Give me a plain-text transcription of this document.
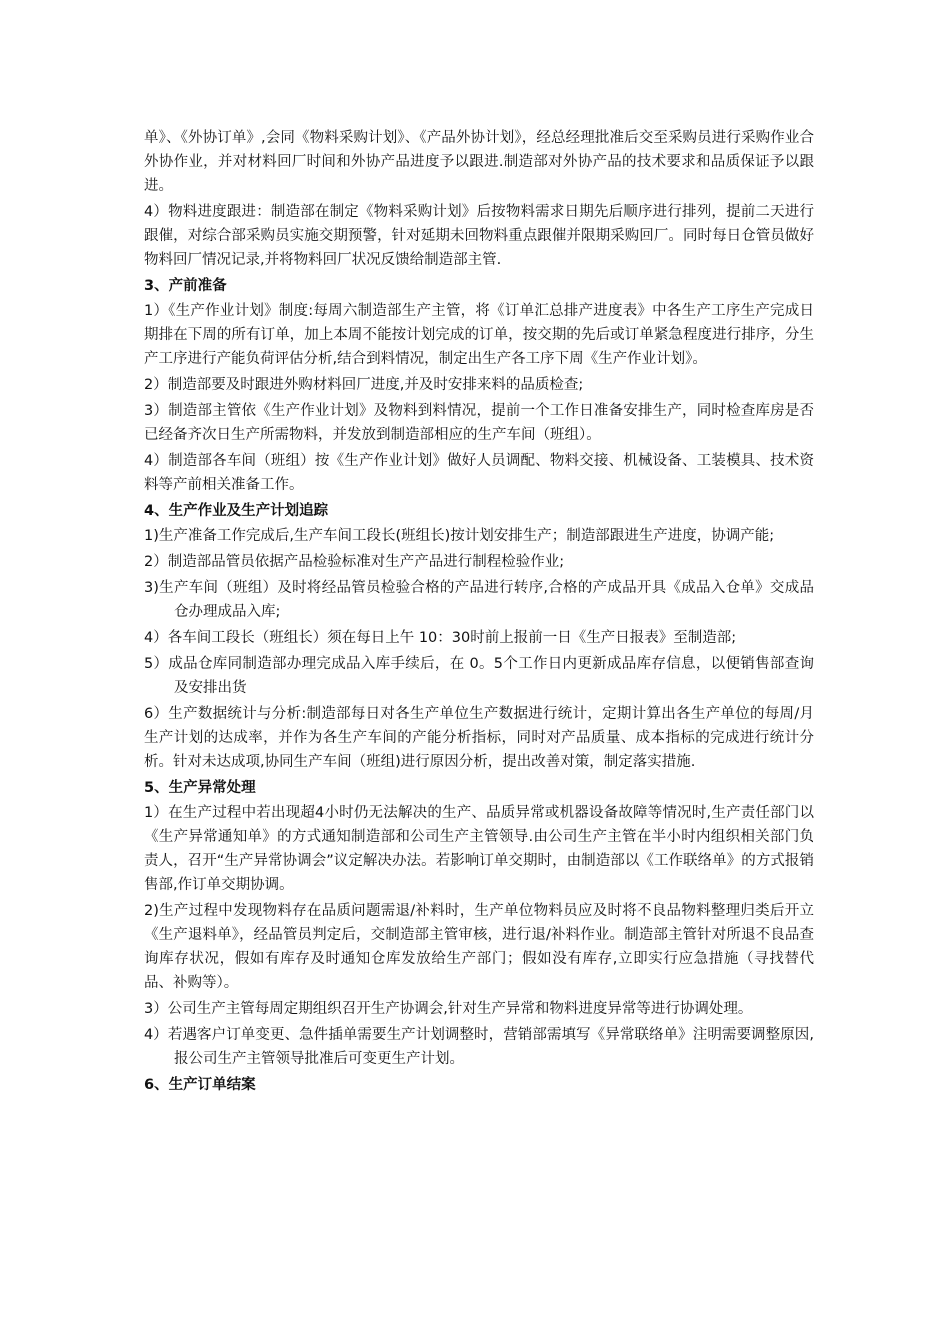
单》、《外协订单》,会同《物料采购计划》、《产品外协计划》，经总经理批准后交至采购员进行采购作业合外协作业，并对材料回厂时间和外协产品进度予以跟进.制造部对外协产品的技术要求和品质保证予以跟进。

4）物料进度跟进：制造部在制定《物料采购计划》后按物料需求日期先后顺序进行排列，提前二天进行跟催，对综合部采购员实施交期预警，针对延期未回物料重点跟催并限期采购回厂。同时每日仓管员做好物料回厂情况记录,并将物料回厂状况反馈给制造部主管.

3、产前准备

1）《生产作业计划》制度:每周六制造部生产主管，将《订单汇总排产进度表》中各生产工序生产完成日期排在下周的所有订单，加上本周不能按计划完成的订单，按交期的先后或订单紧急程度进行排序，分生产工序进行产能负荷评估分析,结合到料情况，制定出生产各工序下周《生产作业计划》。

2）制造部要及时跟进外购材料回厂进度,并及时安排来料的品质检查;

3）制造部主管依《生产作业计划》及物料到料情况，提前一个工作日准备安排生产，同时检查库房是否已经备齐次日生产所需物料，并发放到制造部相应的生产车间（班组）。

4）制造部各车间（班组）按《生产作业计划》做好人员调配、物料交接、机械设备、工装模具、技术资料等产前相关准备工作。

4、生产作业及生产计划追踪

1)生产准备工作完成后,生产车间工段长(班组长)按计划安排生产；制造部跟进生产进度，协调产能;

2）制造部品管员依据产品检验标准对生产产品进行制程检验作业;

3)生产车间（班组）及时将经品管员检验合格的产品进行转序,合格的产成品开具《成品入仓单》交成品仓办理成品入库;

4）各车间工段长（班组长）须在每日上午 10：30时前上报前一日《生产日报表》至制造部;

5）成品仓库同制造部办理完成品入库手续后，在 0。5个工作日内更新成品库存信息，以便销售部查询及安排出货

6）生产数据统计与分析:制造部每日对各生产单位生产数据进行统计，定期计算出各生产单位的每周/月生产计划的达成率，并作为各生产车间的产能分析指标，同时对产品质量、成本指标的完成进行统计分析。针对未达成项,协同生产车间（班组)进行原因分析，提出改善对策，制定落实措施.

5、生产异常处理

1）在生产过程中若出现超4小时仍无法解决的生产、品质异常或机器设备故障等情况时,生产责任部门以《生产异常通知单》的方式通知制造部和公司生产主管领导.由公司生产主管在半小时内组织相关部门负责人，召开“生产异常协调会”议定解决办法。若影响订单交期时，由制造部以《工作联络单》的方式报销售部,作订单交期协调。

2)生产过程中发现物料存在品质问题需退/补料时，生产单位物料员应及时将不良品物料整理归类后开立《生产退料单》，经品管员判定后，交制造部主管审核，进行退/补料作业。制造部主管针对所退不良品查询库存状况，假如有库存及时通知仓库发放给生产部门；假如没有库存,立即实行应急措施（寻找替代品、补购等）。

3）公司生产主管每周定期组织召开生产协调会,针对生产异常和物料进度异常等进行协调处理。

4）若遇客户订单变更、急件插单需要生产计划调整时，营销部需填写《异常联络单》注明需要调整原因,报公司生产主管领导批准后可变更生产计划。

6、生产订单结案
